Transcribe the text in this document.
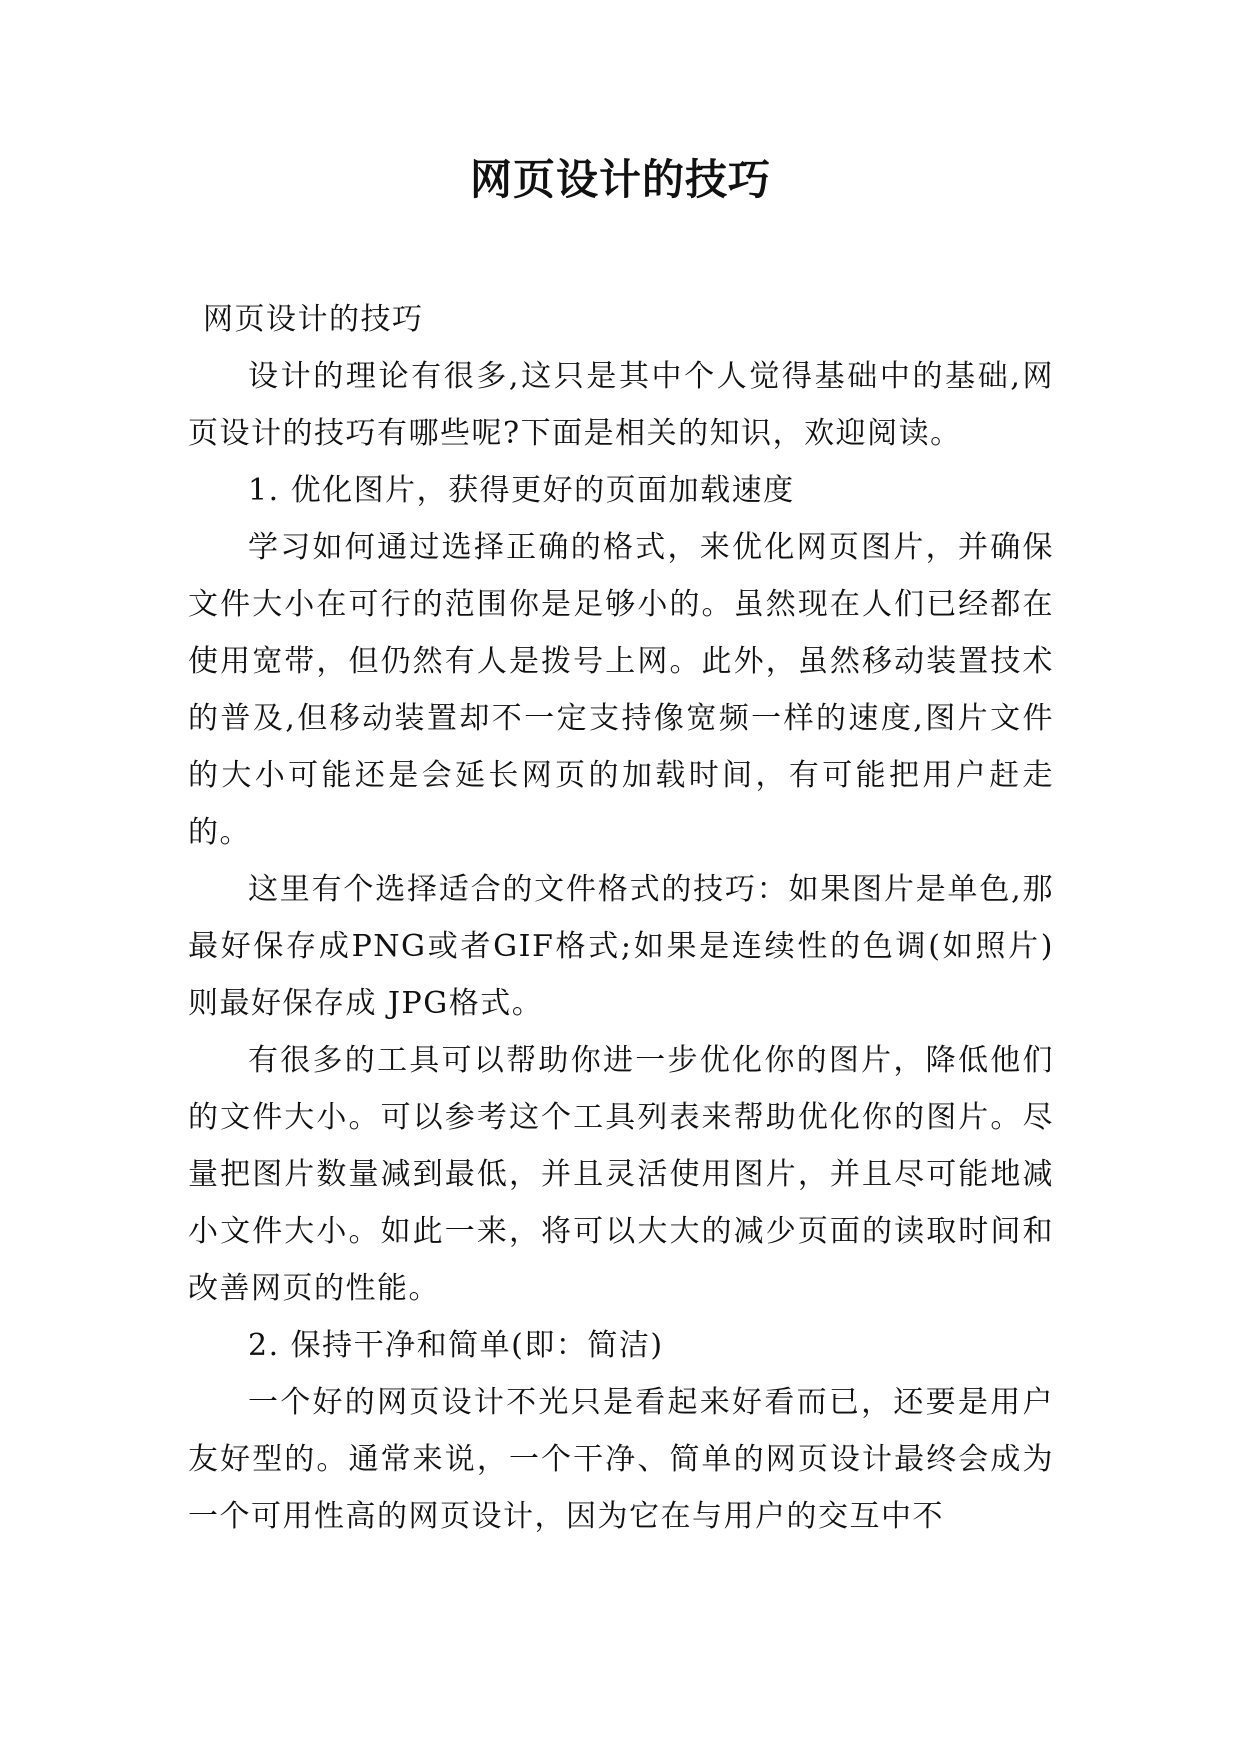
网页设计的技巧

网页设计的技巧

设计的理论有很多,这只是其中个人觉得基础中的基础,网页设计的技巧有哪些呢?下面是相关的知识，欢迎阅读。

1. 优化图片，获得更好的页面加载速度

学习如何通过选择正确的格式，来优化网页图片，并确保文件大小在可行的范围你是足够小的。虽然现在人们已经都在使用宽带，但仍然有人是拨号上网。此外，虽然移动装置技术的普及,但移动装置却不一定支持像宽频一样的速度,图片文件的大小可能还是会延长网页的加载时间，有可能把用户赶走的。

这里有个选择适合的文件格式的技巧：如果图片是单色,那最好保存成PNG或者GIF格式;如果是连续性的色调(如照片)则最好保存成 JPG格式。

有很多的工具可以帮助你进一步优化你的图片，降低他们的文件大小。可以参考这个工具列表来帮助优化你的图片。尽量把图片数量减到最低，并且灵活使用图片，并且尽可能地减小文件大小。如此一来，将可以大大的减少页面的读取时间和改善网页的性能。

2. 保持干净和简单(即：简洁)

一个好的网页设计不光只是看起来好看而已，还要是用户友好型的。通常来说，一个干净、简单的网页设计最终会成为一个可用性高的网页设计，因为它在与用户的交互中不
